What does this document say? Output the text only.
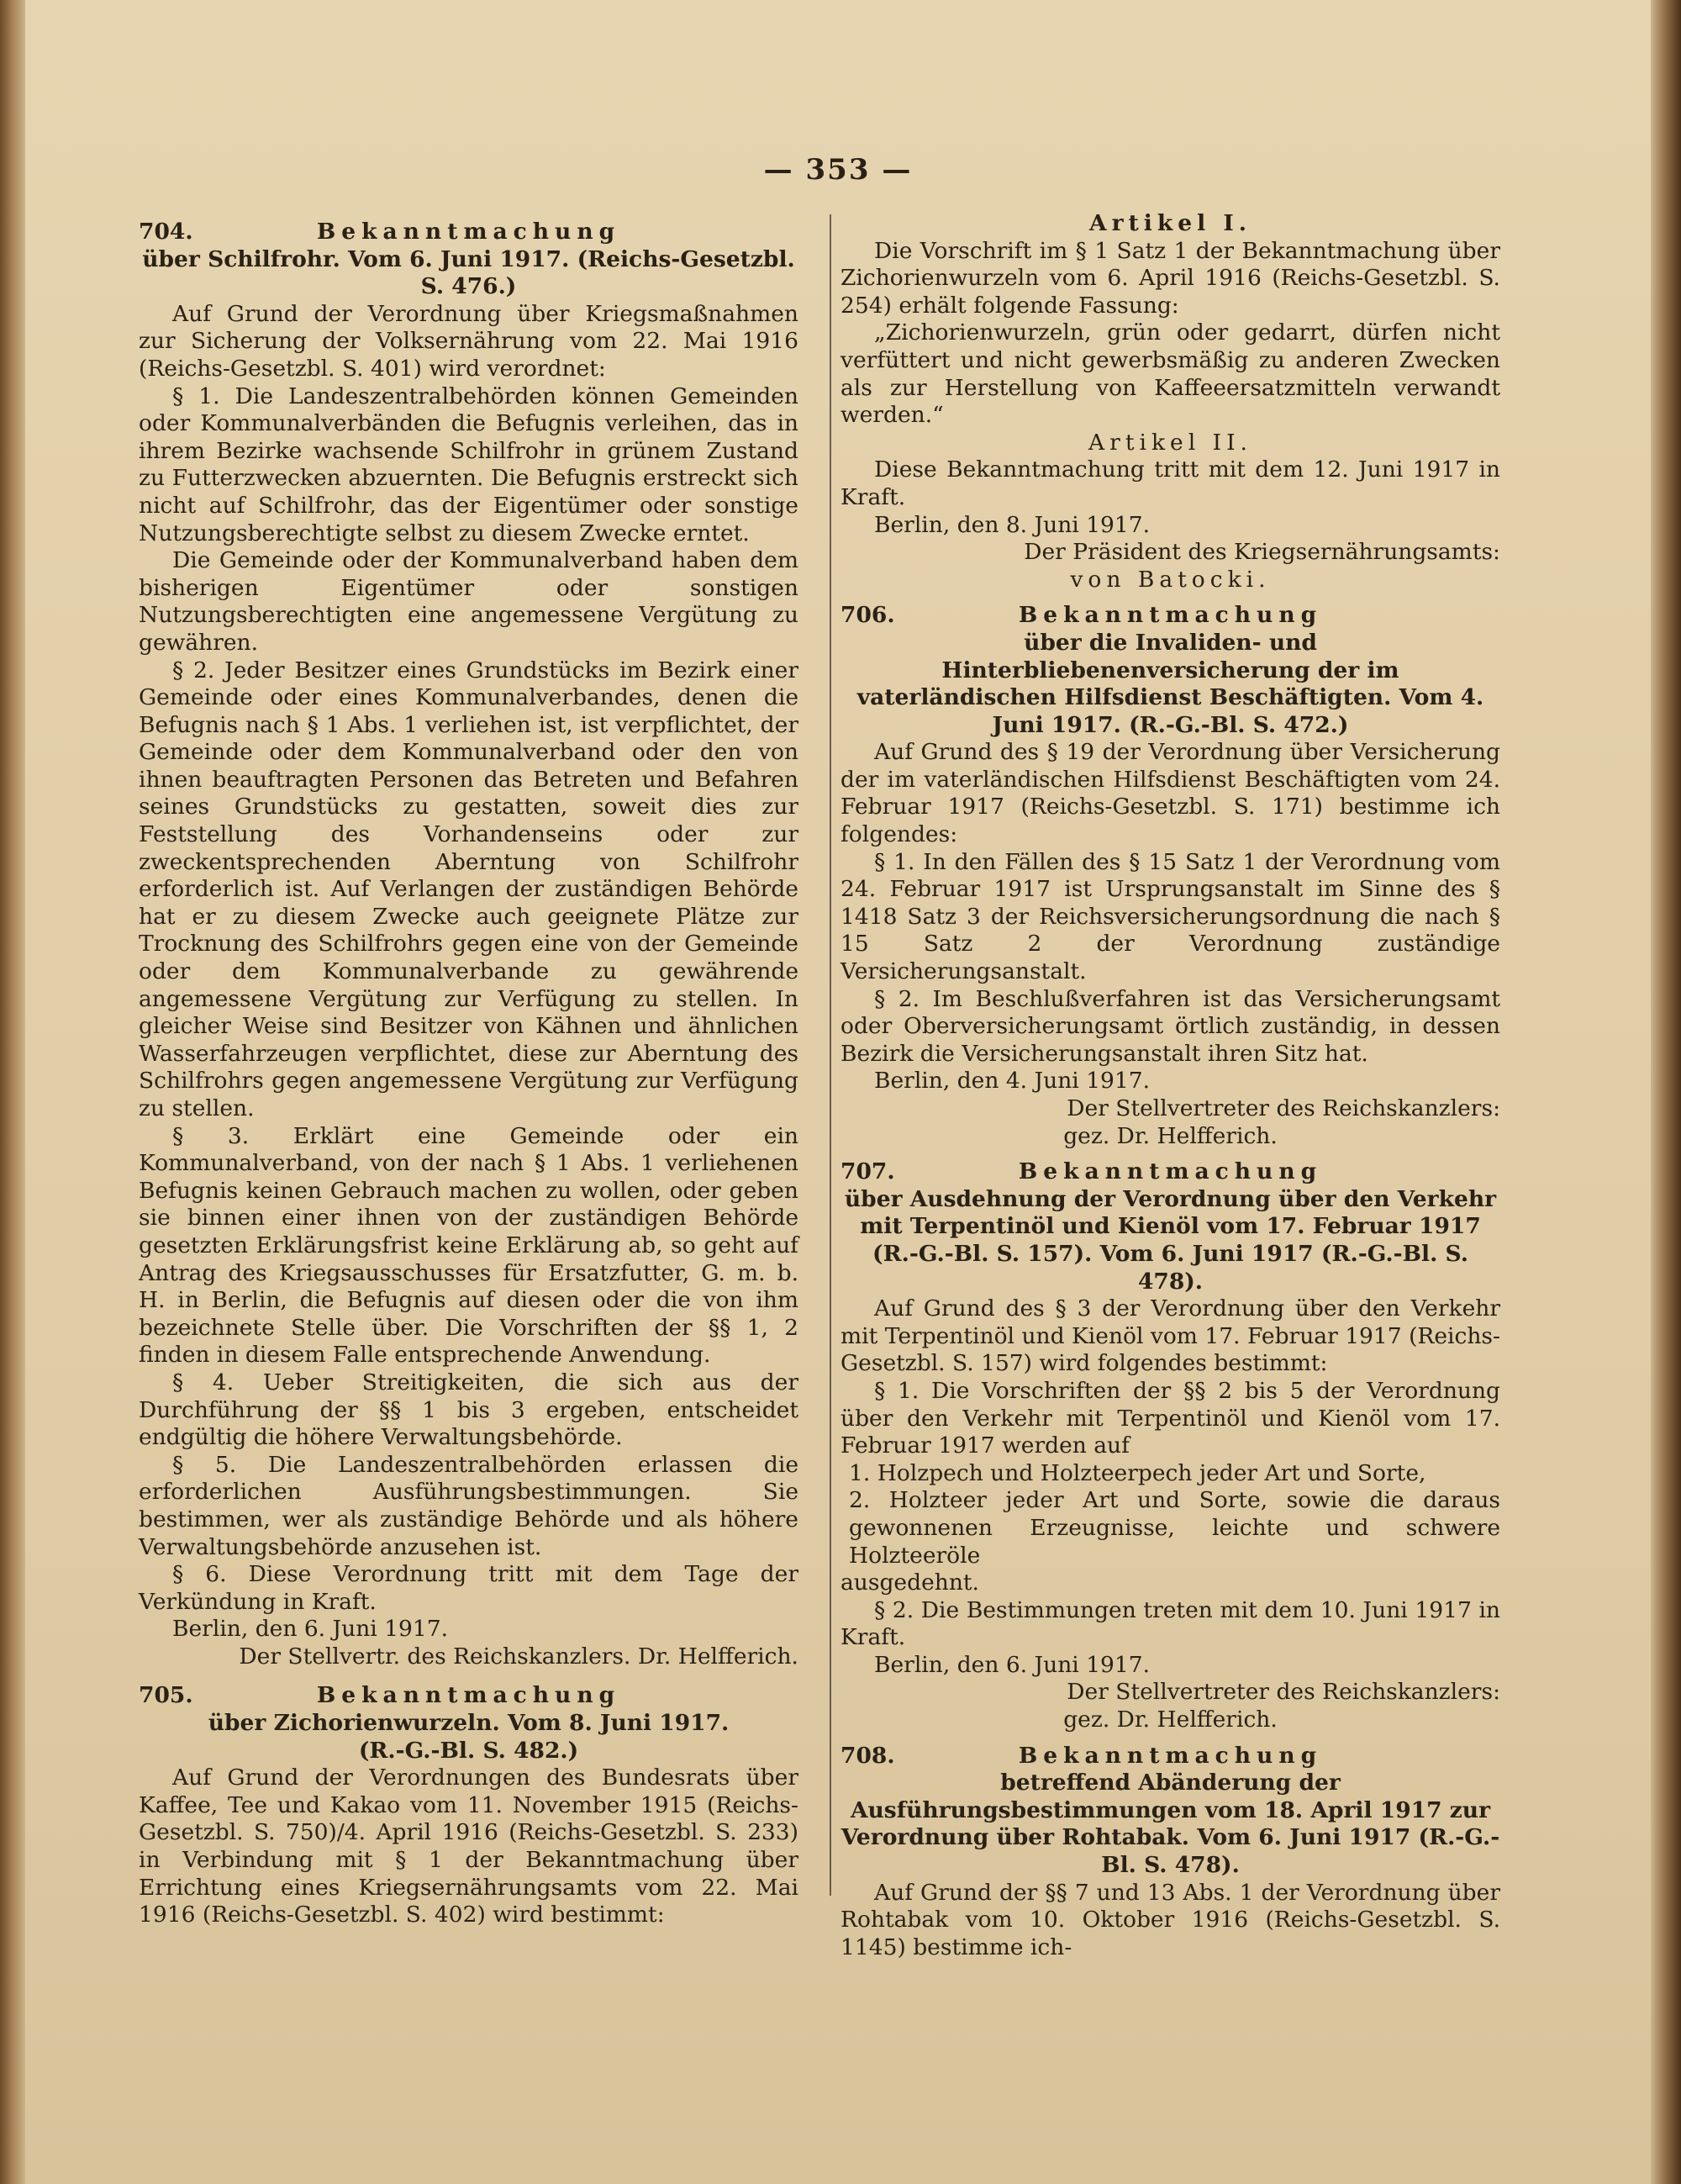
— 353 —
704.	Bekanntmachung

über Schilfrohr. Vom 6. Juni 1917. (Reichs-Gesetzbl. S. 476.)

Auf Grund der Verordnung über Kriegsmaßnahmen zur Sicherung der Volksernährung vom 22. Mai 1916 (Reichs-Gesetzbl. S. 401) wird verordnet:

§ 1. Die Landeszentralbehörden können Gemeinden oder Kommunalverbänden die Befugnis verleihen, das in ihrem Bezirke wachsende Schilfrohr in grünem Zustand zu Futterzwecken abzuernten. Die Befugnis erstreckt sich nicht auf Schilfrohr, das der Eigentümer oder sonstige Nutzungsberechtigte selbst zu diesem Zwecke erntet.

Die Gemeinde oder der Kommunalverband haben dem bisherigen Eigentümer oder sonstigen Nutzungsberechtigten eine angemessene Vergütung zu gewähren.

§ 2. Jeder Besitzer eines Grundstücks im Bezirk einer Gemeinde oder eines Kommunalverbandes, denen die Befugnis nach § 1 Abs. 1 verliehen ist, ist verpflichtet, der Gemeinde oder dem Kommunalverband oder den von ihnen beauftragten Personen das Betreten und Befahren seines Grundstücks zu gestatten, soweit dies zur Feststellung des Vorhandenseins oder zur zweckentsprechenden Aberntung von Schilfrohr erforderlich ist. Auf Verlangen der zuständigen Behörde hat er zu diesem Zwecke auch geeignete Plätze zur Trocknung des Schilfrohrs gegen eine von der Gemeinde oder dem Kommunalverbande zu gewährende angemessene Vergütung zur Verfügung zu stellen. In gleicher Weise sind Besitzer von Kähnen und ähnlichen Wasserfahrzeugen verpflichtet, diese zur Aberntung des Schilfrohrs gegen angemessene Vergütung zur Verfügung zu stellen.

§ 3. Erklärt eine Gemeinde oder ein Kommunalverband, von der nach § 1 Abs. 1 verliehenen Befugnis keinen Gebrauch machen zu wollen, oder geben sie binnen einer ihnen von der zuständigen Behörde gesetzten Erklärungsfrist keine Erklärung ab, so geht auf Antrag des Kriegsausschusses für Ersatzfutter, G. m. b. H. in Berlin, die Befugnis auf diesen oder die von ihm bezeichnete Stelle über. Die Vorschriften der §§ 1, 2 finden in diesem Falle entsprechende Anwendung.

§ 4. Ueber Streitigkeiten, die sich aus der Durchführung der §§ 1 bis 3 ergeben, entscheidet endgültig die höhere Verwaltungsbehörde.

§ 5. Die Landeszentralbehörden erlassen die erforderlichen Ausführungsbestimmungen. Sie bestimmen, wer als zuständige Behörde und als höhere Verwaltungsbehörde anzusehen ist.

§ 6. Diese Verordnung tritt mit dem Tage der Verkündung in Kraft.

Berlin, den 6. Juni 1917.

Der Stellvertr. des Reichskanzlers. Dr. Helfferich.

705.	Bekanntmachung

über Zichorienwurzeln. Vom 8. Juni 1917.

(R.-G.-Bl. S. 482.)

Auf Grund der Verordnungen des Bundesrats über Kaffee, Tee und Kakao vom 11. November 1915 (Reichs-Gesetzbl. S. 750)/4. April 1916 (Reichs-Gesetzbl. S. 233) in Verbindung mit § 1 der Bekanntmachung über Errichtung eines Kriegsernährungsamts vom 22. Mai 1916 (Reichs-Gesetzbl. S. 402) wird bestimmt:

Artikel I.

Die Vorschrift im § 1 Satz 1 der Bekanntmachung über Zichorienwurzeln vom 6. April 1916 (Reichs-Gesetzbl. S. 254) erhält folgende Fassung:

„Zichorienwurzeln, grün oder gedarrt, dürfen nicht verfüttert und nicht gewerbsmäßig zu anderen Zwecken als zur Herstellung von Kaffeeersatzmitteln verwandt werden.“

Artikel II.

Diese Bekanntmachung tritt mit dem 12. Juni 1917 in Kraft.

Berlin, den 8. Juni 1917.

Der Präsident des Kriegsernährungsamts:

von Batocki.

706.	Bekanntmachung

über die Invaliden- und Hinterbliebenenversicherung der im vaterländischen Hilfsdienst Beschäftigten. Vom 4. Juni 1917. (R.-G.-Bl. S. 472.)

Auf Grund des § 19 der Verordnung über Versicherung der im vaterländischen Hilfsdienst Beschäftigten vom 24. Februar 1917 (Reichs-Gesetzbl. S. 171) bestimme ich folgendes:

§ 1. In den Fällen des § 15 Satz 1 der Verordnung vom 24. Februar 1917 ist Ursprungsanstalt im Sinne des § 1418 Satz 3 der Reichsversicherungsordnung die nach § 15 Satz 2 der Verordnung zuständige Versicherungsanstalt.

§ 2. Im Beschlußverfahren ist das Versicherungsamt oder Oberversicherungsamt örtlich zuständig, in dessen Bezirk die Versicherungsanstalt ihren Sitz hat.

Berlin, den 4. Juni 1917.

Der Stellvertreter des Reichskanzlers:

gez. Dr. Helfferich.

707.	Bekanntmachung

über Ausdehnung der Verordnung über den Verkehr mit Terpentinöl und Kienöl vom 17. Februar 1917 (R.-G.-Bl. S. 157). Vom 6. Juni 1917 (R.-G.-Bl. S. 478).

Auf Grund des § 3 der Verordnung über den Verkehr mit Terpentinöl und Kienöl vom 17. Februar 1917 (Reichs-Gesetzbl. S. 157) wird folgendes bestimmt:

§ 1. Die Vorschriften der §§ 2 bis 5 der Verordnung über den Verkehr mit Terpentinöl und Kienöl vom 17. Februar 1917 werden auf

1. Holzpech und Holzteerpech jeder Art und Sorte,

2. Holzteer jeder Art und Sorte, sowie die daraus gewonnenen Erzeugnisse, leichte und schwere Holzteeröle

ausgedehnt.

§ 2. Die Bestimmungen treten mit dem 10. Juni 1917 in Kraft.

Berlin, den 6. Juni 1917.

Der Stellvertreter des Reichskanzlers:

gez. Dr. Helfferich.

708.	Bekanntmachung

betreffend Abänderung der Ausführungsbestimmungen vom 18. April 1917 zur Verordnung über Rohtabak. Vom 6. Juni 1917 (R.-G.-Bl. S. 478).

Auf Grund der §§ 7 und 13 Abs. 1 der Verordnung über Rohtabak vom 10. Oktober 1916 (Reichs-Gesetzbl. S. 1145) bestimme ich-
